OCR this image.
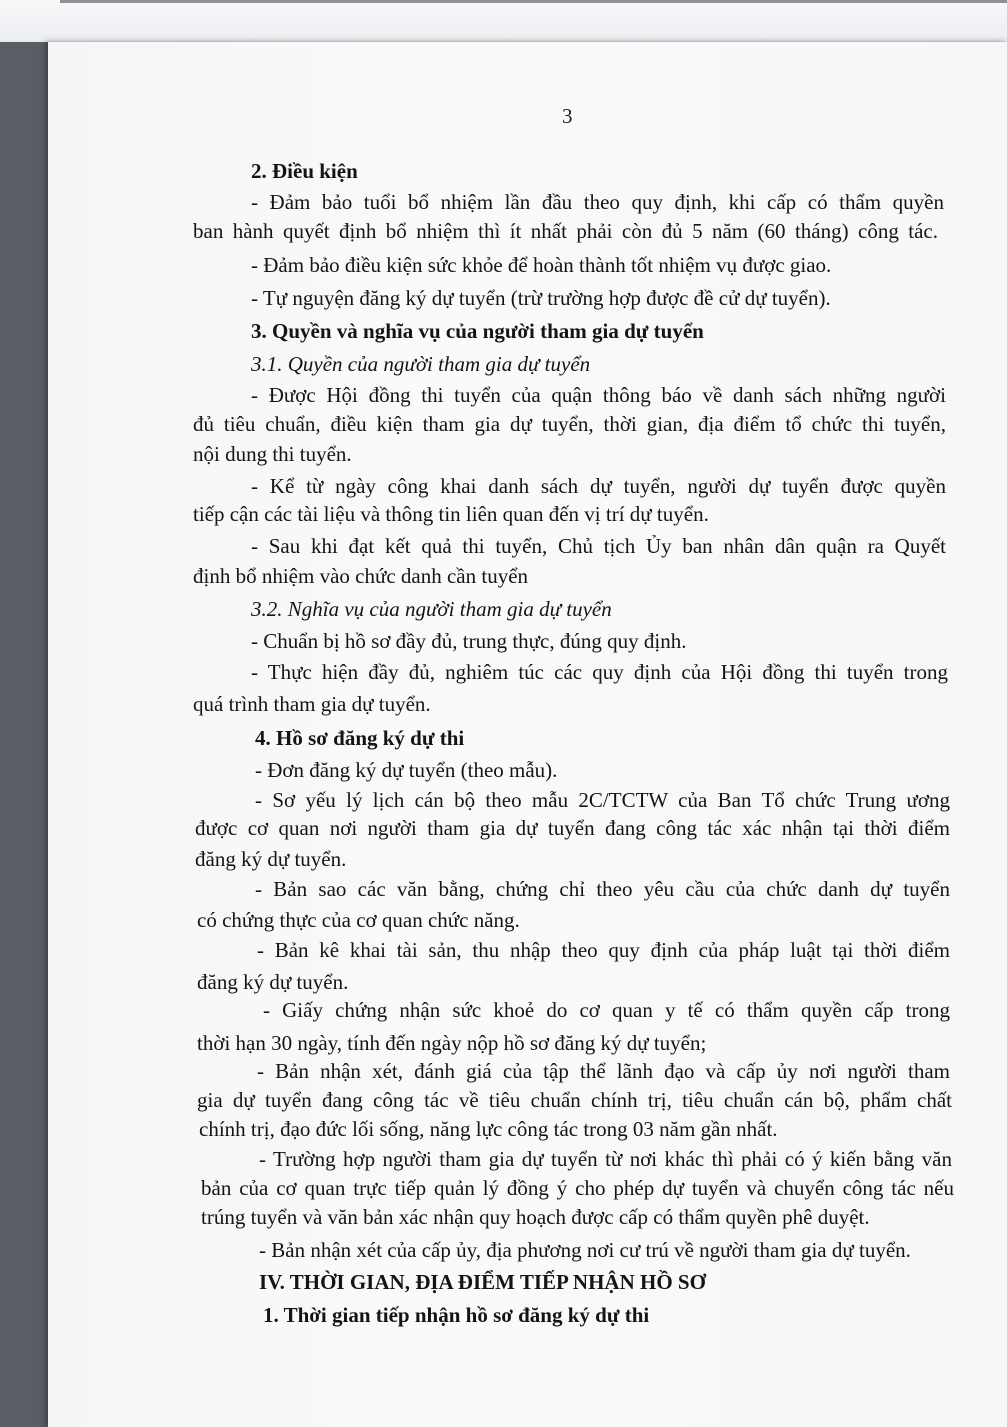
3
2. Điều kiện
- Đảm bảo tuổi bổ nhiệm lần đầu theo quy định, khi cấp có thẩm quyền
ban hành quyết định bổ nhiệm thì ít nhất phải còn đủ 5 năm (60 tháng) công tác.
- Đảm bảo điều kiện sức khỏe để hoàn thành tốt nhiệm vụ được giao.
- Tự nguyện đăng ký dự tuyển (trừ trường hợp được đề cử dự tuyển).
3. Quyền và nghĩa vụ của người tham gia dự tuyển
3.1. Quyền của người tham gia dự tuyển
- Được Hội đồng thi tuyển của quận thông báo về danh sách những người
đủ tiêu chuẩn, điều kiện tham gia dự tuyển, thời gian, địa điểm tổ chức thi tuyển,
nội dung thi tuyển.
- Kể từ ngày công khai danh sách dự tuyển, người dự tuyển được quyền
tiếp cận các tài liệu và thông tin liên quan đến vị trí dự tuyển.
- Sau khi đạt kết quả thi tuyển, Chủ tịch Ủy ban nhân dân quận ra Quyết
định bổ nhiệm vào chức danh cần tuyển
3.2. Nghĩa vụ của người tham gia dự tuyển
- Chuẩn bị hồ sơ đầy đủ, trung thực, đúng quy định.
- Thực hiện đầy đủ, nghiêm túc các quy định của Hội đồng thi tuyển trong
quá trình tham gia dự tuyển.
4. Hồ sơ đăng ký dự thi
- Đơn đăng ký dự tuyển (theo mẫu).
- Sơ yếu lý lịch cán bộ theo mẫu 2C/TCTW của Ban Tổ chức Trung ương
được cơ quan nơi người tham gia dự tuyển đang công tác xác nhận tại thời điểm
đăng ký dự tuyển.
- Bản sao các văn bằng, chứng chỉ theo yêu cầu của chức danh dự tuyển
có chứng thực của cơ quan chức năng.
- Bản kê khai tài sản, thu nhập theo quy định của pháp luật tại thời điểm
đăng ký dự tuyển.
- Giấy chứng nhận sức khoẻ do cơ quan y tế có thẩm quyền cấp trong
thời hạn 30 ngày, tính đến ngày nộp hồ sơ đăng ký dự tuyển;
- Bản nhận xét, đánh giá của tập thể lãnh đạo và cấp ủy nơi người tham
gia dự tuyển đang công tác về tiêu chuẩn chính trị, tiêu chuẩn cán bộ, phẩm chất
chính trị, đạo đức lối sống, năng lực công tác trong 03 năm gần nhất.
- Trường hợp người tham gia dự tuyển từ nơi khác thì phải có ý kiến bằng văn
bản của cơ quan trực tiếp quản lý đồng ý cho phép dự tuyển và chuyển công tác nếu
trúng tuyển và văn bản xác nhận quy hoạch được cấp có thẩm quyền phê duyệt.
- Bản nhận xét của cấp ủy, địa phương nơi cư trú về người tham gia dự tuyển.
IV. THỜI GIAN, ĐỊA ĐIỂM TIẾP NHẬN HỒ SƠ
1. Thời gian tiếp nhận hồ sơ đăng ký dự thi
